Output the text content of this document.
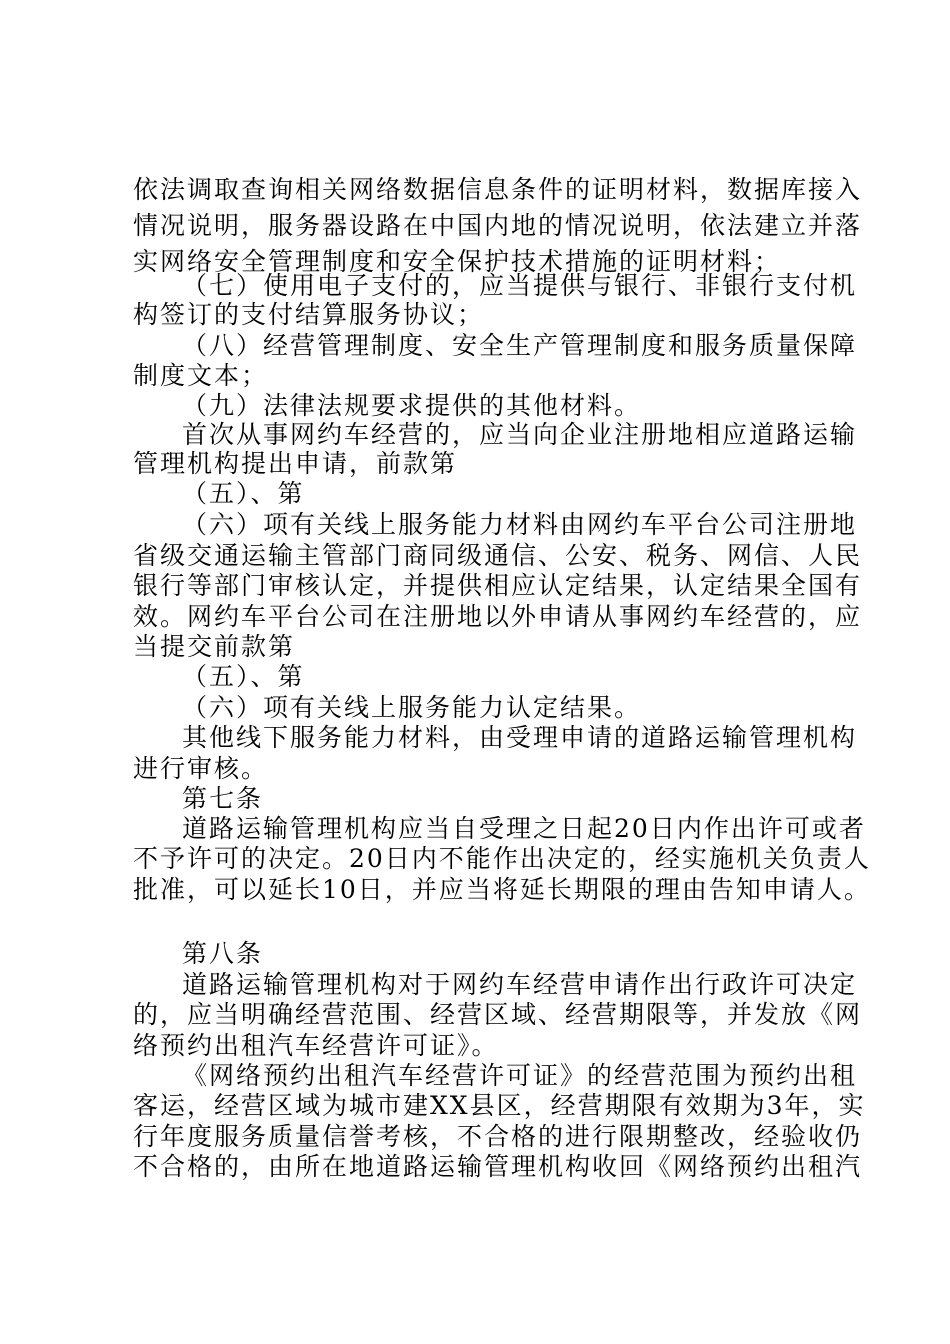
依法调取查询相关网络数据信息条件的证明材料，数据库接入

情况说明，服务器设路在中国内地的情况说明，依法建立并落

实网络安全管理制度和安全保护技术措施的证明材料；

（七）使用电子支付的，应当提供与银行、非银行支付机

构签订的支付结算服务协议；

（八）经营管理制度、安全生产管理制度和服务质量保障

制度文本；

（九）法律法规要求提供的其他材料。

首次从事网约车经营的，应当向企业注册地相应道路运输

管理机构提出申请，前款第

（五）、第

（六）项有关线上服务能力材料由网约车平台公司注册地

省级交通运输主管部门商同级通信、公安、税务、网信、人民

银行等部门审核认定，并提供相应认定结果，认定结果全国有

效。网约车平台公司在注册地以外申请从事网约车经营的，应

当提交前款第

（五）、第

（六）项有关线上服务能力认定结果。

其他线下服务能力材料，由受理申请的道路运输管理机构

进行审核。

第七条

道路运输管理机构应当自受理之日起20日内作出许可或者

不予许可的决定。20日内不能作出决定的，经实施机关负责人

批准，可以延长10日，并应当将延长期限的理由告知申请人。

第八条

道路运输管理机构对于网约车经营申请作出行政许可决定

的，应当明确经营范围、经营区域、经营期限等，并发放《网

络预约出租汽车经营许可证》。

《网络预约出租汽车经营许可证》的经营范围为预约出租

客运，经营区域为城市建XX县区，经营期限有效期为3年，实

行年度服务质量信誉考核，不合格的进行限期整改，经验收仍

不合格的，由所在地道路运输管理机构收回《网络预约出租汽
